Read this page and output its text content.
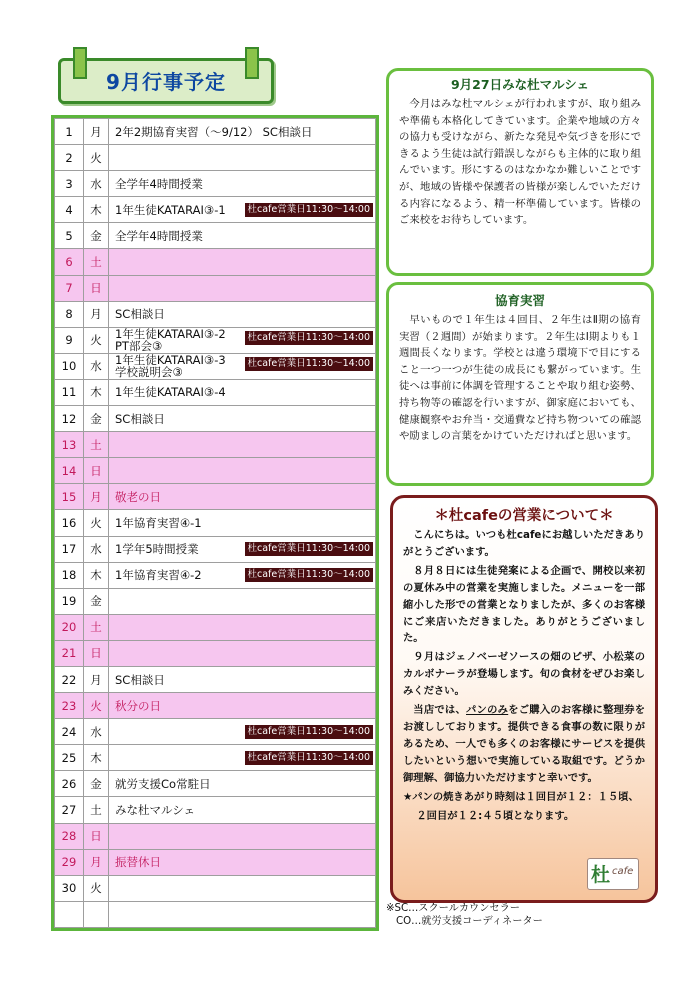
9月行事予定
1	月	2年2期協育実習（～9/12） SC相談日
2	火	
3	水	全学年4時間授業
4	木	1年生徒KATARAI③-1 杜cafe営業日11:30～14:00

5	金	全学年4時間授業
6	土	
7	日	
8	月	SC相談日
9	火	1年生徒KATARAI③-2
PT部会③
杜cafe営業日11:30～14:00

10	水	1年生徒KATARAI③-3
学校説明会③
杜cafe営業日11:30～14:00

11	木	1年生徒KATARAI③-4
12	金	SC相談日
13	土	
14	日	
15	月	敬老の日
16	火	1年協育実習④-1
17	水	1学年5時間授業 杜cafe営業日11:30～14:00

18	木	1年協育実習④-2 杜cafe営業日11:30～14:00

19	金	
20	土	
21	日	
22	月	SC相談日
23	火	秋分の日
24	水	杜cafe営業日11:30～14:00

25	木	杜cafe営業日11:30～14:00

26	金	就労支援Co常駐日
27	土	みな杜マルシェ
28	日	
29	月	振替休日
30	火	

9月27日みな杜マルシェ

今月はみな杜マルシェが行われますが、取り組みや準備も本格化してきています。企業や地域の方々の協力も受けながら、新たな発見や気づきを形にできるよう生徒は試行錯誤しながらも主体的に取り組んでいます。形にするのはなかなか難しいことですが、地域の皆様や保護者の皆様が楽しんでいただける内容になるよう、精一杯準備しています。皆様のご来校をお待ちしています。

協育実習

早いもので１年生は４回目、２年生はⅡ期の協育実習（２週間）が始まります。２年生はⅠ期よりも１週間長くなります。学校とは違う環境下で目にすること一つ一つが生徒の成長にも繋がっています。生徒へは事前に体調を管理することや取り組む姿勢、持ち物等の確認を行いますが、御家庭においても、健康観察やお弁当・交通費など持ち物ついての確認や励ましの言葉をかけていただければと思います。

＊杜cafeの営業について＊

こんにちは。いつも杜cafeにお越しいただきありがとうございます。

８月８日には生徒発案による企画で、開校以来初の夏休み中の営業を実施しました。メニューを一部縮小した形での営業となりましたが、多くのお客様にご来店いただきました。ありがとうございました。

９月はジェノベーゼソースの畑のピザ、小松菜のカルボナーラが登場します。旬の食材をぜひお楽しみください。

当店では、パンのみをご購入のお客様に整理券をお渡ししております。提供できる食事の数に限りがあるため、一人でも多くのお客様にサービスを提供したいという想いで実施している取組です。どうか御理解、御協力いただけますと幸いです。

★パンの焼きあがり時刻は１回目が１２：１５頃、

２回目が１２:４５頃となります。

杜 cafe
※SC…スクールカウンセラー
CO…就労支援コーディネーター
